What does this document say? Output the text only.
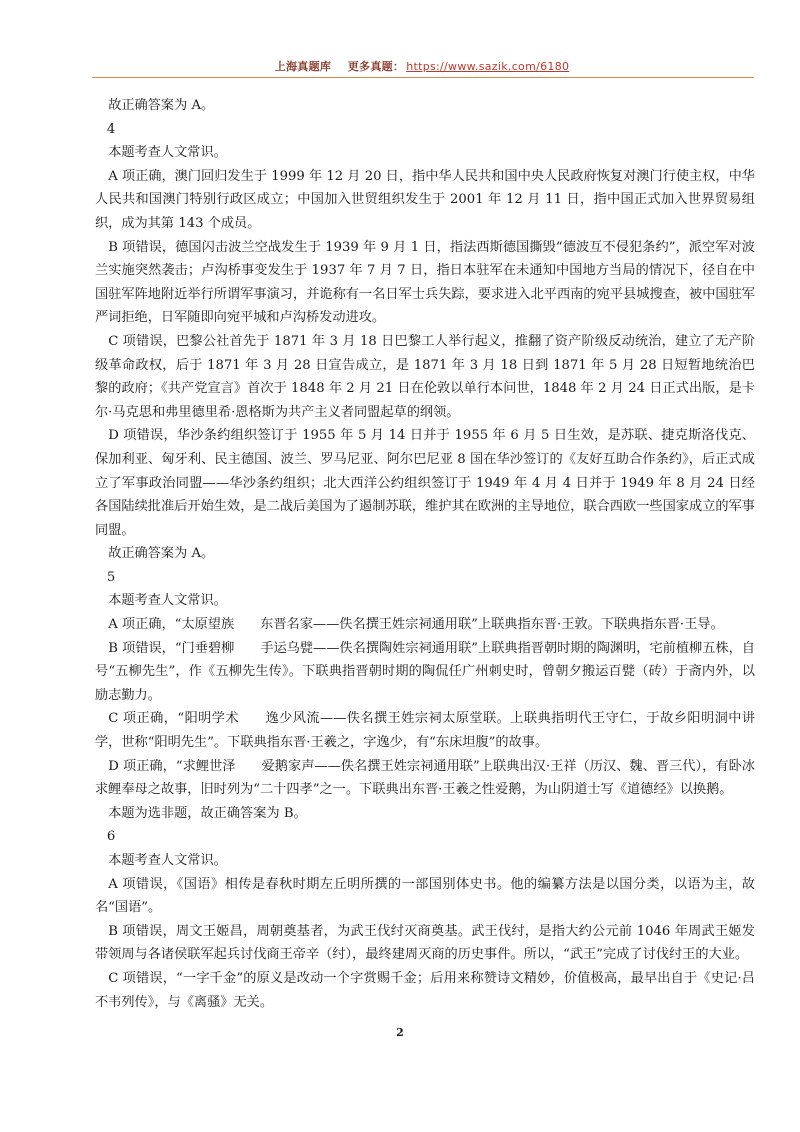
上海真题库 更多真题： https://www.sazik.com/6180

故正确答案为 A。

4

本题考查人文常识。

A 项正确，澳门回归发生于 1999 年 12 月 20 日，指中华人民共和国中央人民政府恢复对澳门行使主权，中华人民共和国澳门特别行政区成立；中国加入世贸组织发生于 2001 年 12 月 11 日，指中国正式加入世界贸易组织，成为其第 143 个成员。

B 项错误，德国闪击波兰空战发生于 1939 年 9 月 1 日，指法西斯德国撕毁“德波互不侵犯条约”，派空军对波兰实施突然袭击；卢沟桥事变发生于 1937 年 7 月 7 日，指日本驻军在未通知中国地方当局的情况下，径自在中国驻军阵地附近举行所谓军事演习，并诡称有一名日军士兵失踪，要求进入北平西南的宛平县城搜查，被中国驻军严词拒绝，日军随即向宛平城和卢沟桥发动进攻。

C 项错误，巴黎公社首先于 1871 年 3 月 18 日巴黎工人举行起义，推翻了资产阶级反动统治，建立了无产阶级革命政权，后于 1871 年 3 月 28 日宣告成立，是 1871 年 3 月 18 日到 1871 年 5 月 28 日短暂地统治巴黎的政府；《共产党宣言》首次于 1848 年 2 月 21 日在伦敦以单行本问世，1848 年 2 月 24 日正式出版，是卡尔·马克思和弗里德里希·恩格斯为共产主义者同盟起草的纲领。

D 项错误，华沙条约组织签订于 1955 年 5 月 14 日并于 1955 年 6 月 5 日生效，是苏联、捷克斯洛伐克、保加利亚、匈牙利、民主德国、波兰、罗马尼亚、阿尔巴尼亚 8 国在华沙签订的《友好互助合作条约》，后正式成立了军事政治同盟——华沙条约组织；北大西洋公约组织签订于 1949 年 4 月 4 日并于 1949 年 8 月 24 日经各国陆续批准后开始生效，是二战后美国为了遏制苏联，维护其在欧洲的主导地位，联合西欧一些国家成立的军事同盟。

故正确答案为 A。

5

本题考查人文常识。

A 项正确，“太原望族 东晋名家——佚名撰王姓宗祠通用联”上联典指东晋·王敦。下联典指东晋·王导。

B 项错误，“门垂碧柳 手运乌甓——佚名撰陶姓宗祠通用联”上联典指晋朝时期的陶渊明，宅前植柳五株，自号“五柳先生”，作《五柳先生传》。下联典指晋朝时期的陶侃任广州刺史时，曾朝夕搬运百甓（砖）于斋内外，以励志勤力。

C 项正确，“阳明学术 逸少风流——佚名撰王姓宗祠太原堂联。上联典指明代王守仁，于故乡阳明洞中讲学，世称“阳明先生”。下联典指东晋·王羲之，字逸少，有“东床坦腹”的故事。

D 项正确，“求鲤世泽 爱鹅家声——佚名撰王姓宗祠通用联”上联典出汉·王祥（历汉、魏、晋三代），有卧冰求鲤奉母之故事，旧时列为“二十四孝”之一。下联典出东晋·王羲之性爱鹅，为山阴道士写《道德经》以换鹅。

本题为选非题，故正确答案为 B。

6

本题考查人文常识。

A 项错误，《国语》相传是春秋时期左丘明所撰的一部国别体史书。他的编纂方法是以国分类，以语为主，故名“国语”。

B 项错误，周文王姬昌，周朝奠基者，为武王伐纣灭商奠基。武王伐纣，是指大约公元前 1046 年周武王姬发带领周与各诸侯联军起兵讨伐商王帝辛（纣），最终建周灭商的历史事件。所以，“武王”完成了讨伐纣王的大业。

C 项错误，“一字千金”的原义是改动一个字赏赐千金；后用来称赞诗文精妙，价值极高，最早出自于《史记·吕不韦列传》，与《离骚》无关。

2
